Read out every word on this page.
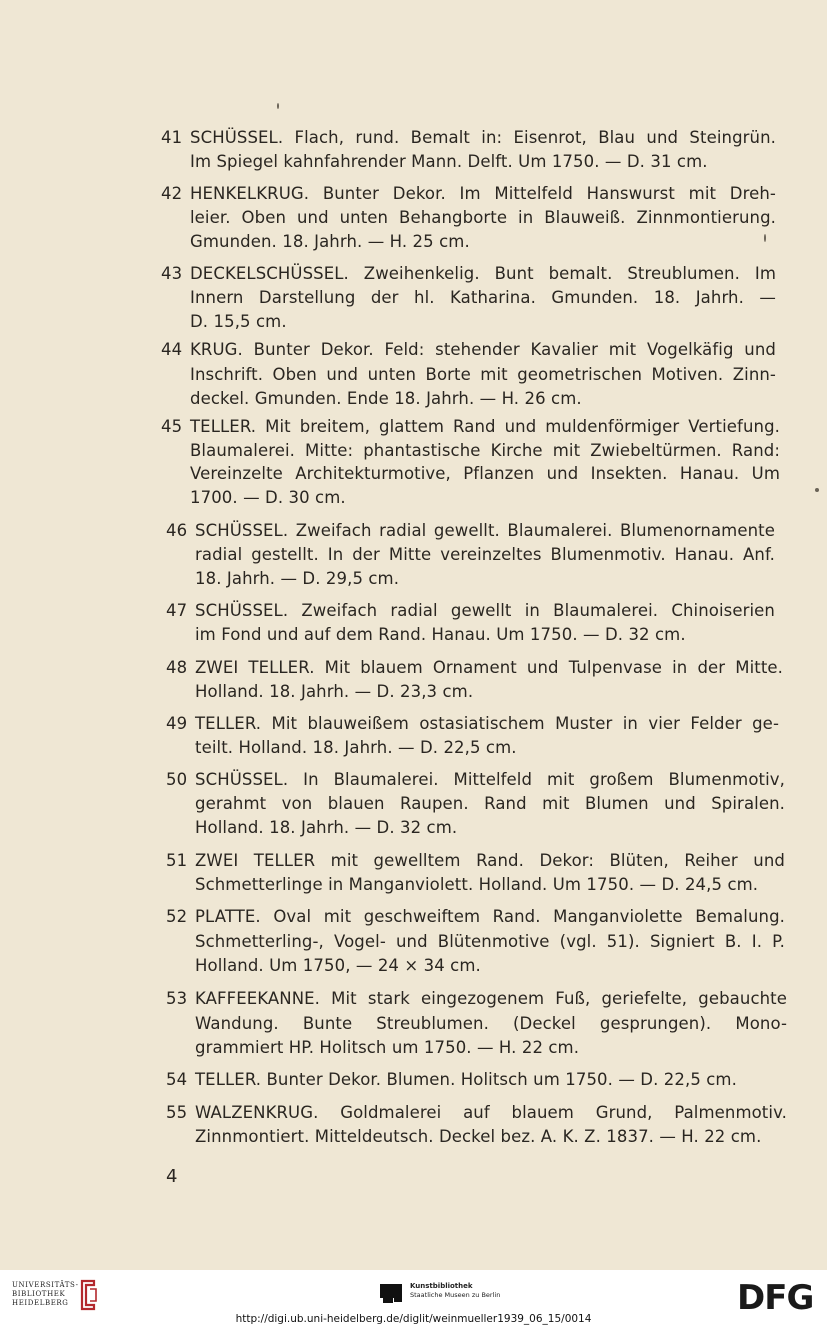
41 SCHÜSSEL. Flach, rund. Bemalt in: Eisenrot, Blau und Steingrün.
Im Spiegel kahnfahrender Mann. Delft. Um 1750. — D. 31 cm.
42 HENKELKRUG. Bunter Dekor. Im Mittelfeld Hanswurst mit Dreh-
leier. Oben und unten Behangborte in Blauweiß. Zinnmontierung.
Gmunden. 18. Jahrh. — H. 25 cm.
43 DECKELSCHÜSSEL. Zweihenkelig. Bunt bemalt. Streublumen. Im
Innern Darstellung der hl. Katharina. Gmunden. 18. Jahrh. —
D. 15,5 cm.
44 KRUG. Bunter Dekor. Feld: stehender Kavalier mit Vogelkäfig und
Inschrift. Oben und unten Borte mit geometrischen Motiven. Zinn-
deckel. Gmunden. Ende 18. Jahrh. — H. 26 cm.
45 TELLER. Mit breitem, glattem Rand und muldenförmiger Vertiefung.
Blaumalerei. Mitte: phantastische Kirche mit Zwiebeltürmen. Rand:
Vereinzelte Architekturmotive, Pflanzen und Insekten. Hanau. Um
1700. — D. 30 cm.
46 SCHÜSSEL. Zweifach radial gewellt. Blaumalerei. Blumenornamente
radial gestellt. In der Mitte vereinzeltes Blumenmotiv. Hanau. Anf.
18. Jahrh. — D. 29,5 cm.
47 SCHÜSSEL. Zweifach radial gewellt in Blaumalerei. Chinoiserien
im Fond und auf dem Rand. Hanau. Um 1750. — D. 32 cm.
48 ZWEI TELLER. Mit blauem Ornament und Tulpenvase in der Mitte.
Holland. 18. Jahrh. — D. 23,3 cm.
49 TELLER. Mit blauweißem ostasiatischem Muster in vier Felder ge-
teilt. Holland. 18. Jahrh. — D. 22,5 cm.
50 SCHÜSSEL. In Blaumalerei. Mittelfeld mit großem Blumenmotiv,
gerahmt von blauen Raupen. Rand mit Blumen und Spiralen.
Holland. 18. Jahrh. — D. 32 cm.
51 ZWEI TELLER mit gewelltem Rand. Dekor: Blüten, Reiher und
Schmetterlinge in Manganviolett. Holland. Um 1750. — D. 24,5 cm.
52 PLATTE. Oval mit geschweiftem Rand. Manganviolette Bemalung.
Schmetterling-, Vogel- und Blütenmotive (vgl. 51). Signiert B. I. P.
Holland. Um 1750, — 24 × 34 cm.
53 KAFFEEKANNE. Mit stark eingezogenem Fuß, geriefelte, gebauchte
Wandung. Bunte Streublumen. (Deckel gesprungen). Mono-
grammiert HP. Holitsch um 1750. — H. 22 cm.
54 TELLER. Bunter Dekor. Blumen. Holitsch um 1750. — D. 22,5 cm.
55 WALZENKRUG. Goldmalerei auf blauem Grund, Palmenmotiv.
Zinnmontiert. Mitteldeutsch. Deckel bez. A. K. Z. 1837. — H. 22 cm.
4
UNIVERSITÄTS-
BIBLIOTHEK
HEIDELBERG
Kunstbibliothek
Staatliche Museen zu Berlin	DFG
http://digi.ub.uni-heidelberg.de/diglit/weinmueller1939_06_15/0014
